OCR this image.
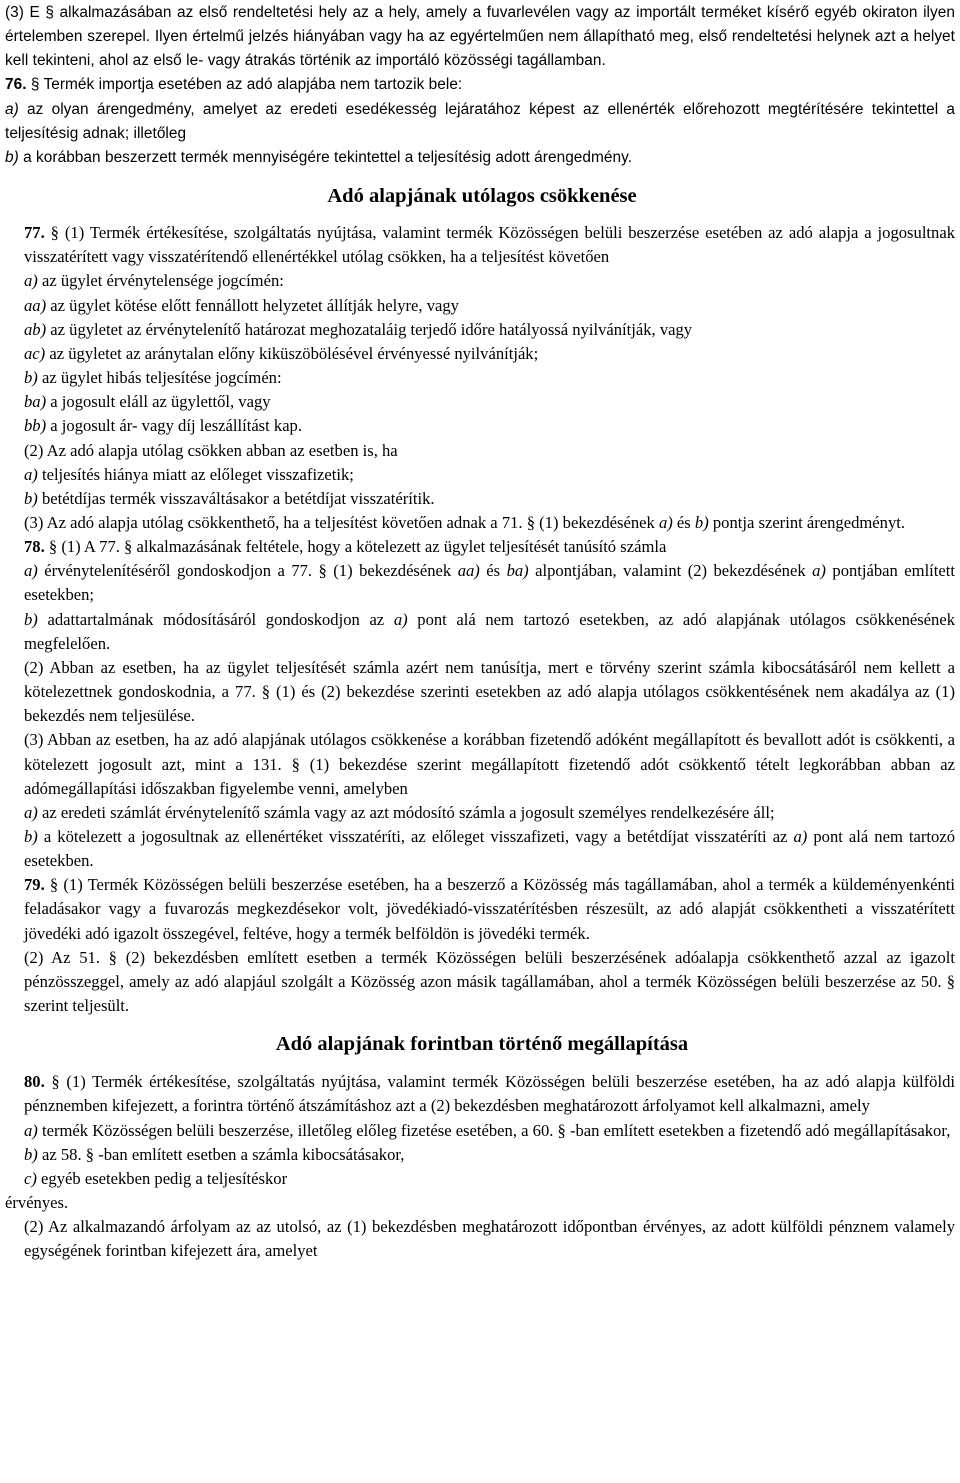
(3) E § alkalmazásában az első rendeltetési hely az a hely, amely a fuvarlevélen vagy az importált terméket kísérő egyéb okiraton ilyen értelemben szerepel. Ilyen értelmű jelzés hiányában vagy ha az egyértelműen nem állapítható meg, első rendeltetési helynek azt a helyet kell tekinteni, ahol az első le- vagy átrakás történik az importáló közösségi tagállamban.

76. § Termék importja esetében az adó alapjába nem tartozik bele:

a) az olyan árengedmény, amelyet az eredeti esedékesség lejáratához képest az ellenérték előrehozott megtérítésére tekintettel a teljesítésig adnak; illetőleg

b) a korábban beszerzett termék mennyiségére tekintettel a teljesítésig adott árengedmény.

Adó alapjának utólagos csökkenése

77. § (1) Termék értékesítése, szolgáltatás nyújtása, valamint termék Közösségen belüli beszerzése esetében az adó alapja a jogosultnak visszatérített vagy visszatérítendő ellenértékkel utólag csökken, ha a teljesítést követően

a) az ügylet érvénytelensége jogcímén:

aa) az ügylet kötése előtt fennállott helyzetet állítják helyre, vagy

ab) az ügyletet az érvénytelenítő határozat meghozataláig terjedő időre hatályossá nyilvánítják, vagy

ac) az ügyletet az aránytalan előny kiküszöbölésével érvényessé nyilvánítják;

b) az ügylet hibás teljesítése jogcímén:

ba) a jogosult eláll az ügylettől, vagy

bb) a jogosult ár- vagy díj leszállítást kap.

(2) Az adó alapja utólag csökken abban az esetben is, ha

a) teljesítés hiánya miatt az előleget visszafizetik;

b) betétdíjas termék visszaváltásakor a betétdíjat visszatérítik.

(3) Az adó alapja utólag csökkenthető, ha a teljesítést követően adnak a 71. § (1) bekezdésének a) és b) pontja szerint árengedményt.

78. § (1) A 77. § alkalmazásának feltétele, hogy a kötelezett az ügylet teljesítését tanúsító számla

a) érvénytelenítéséről gondoskodjon a 77. § (1) bekezdésének aa) és ba) alpontjában, valamint (2) bekezdésének a) pontjában említett esetekben;

b) adattartalmának módosításáról gondoskodjon az a) pont alá nem tartozó esetekben, az adó alapjának utólagos csökkenésének megfelelően.

(2) Abban az esetben, ha az ügylet teljesítését számla azért nem tanúsítja, mert e törvény szerint számla kibocsátásáról nem kellett a kötelezettnek gondoskodnia, a 77. § (1) és (2) bekezdése szerinti esetekben az adó alapja utólagos csökkentésének nem akadálya az (1) bekezdés nem teljesülése.

(3) Abban az esetben, ha az adó alapjának utólagos csökkenése a korábban fizetendő adóként megállapított és bevallott adót is csökkenti, a kötelezett jogosult azt, mint a 131. § (1) bekezdése szerint megállapított fizetendő adót csökkentő tételt legkorábban abban az adómegállapítási időszakban figyelembe venni, amelyben

a) az eredeti számlát érvénytelenítő számla vagy az azt módosító számla a jogosult személyes rendelkezésére áll;

b) a kötelezett a jogosultnak az ellenértéket visszatéríti, az előleget visszafizeti, vagy a betétdíjat visszatéríti az a) pont alá nem tartozó esetekben.

79. § (1) Termék Közösségen belüli beszerzése esetében, ha a beszerző a Közösség más tagállamában, ahol a termék a küldeményenkénti feladásakor vagy a fuvarozás megkezdésekor volt, jövedékiadó-visszatérítésben részesült, az adó alapját csökkentheti a visszatérített jövedéki adó igazolt összegével, feltéve, hogy a termék belföldön is jövedéki termék.

(2) Az 51. § (2) bekezdésben említett esetben a termék Közösségen belüli beszerzésének adóalapja csökkenthető azzal az igazolt pénzösszeggel, amely az adó alapjául szolgált a Közösség azon másik tagállamában, ahol a termék Közösségen belüli beszerzése az 50. § szerint teljesült.

Adó alapjának forintban történő megállapítása

80. § (1) Termék értékesítése, szolgáltatás nyújtása, valamint termék Közösségen belüli beszerzése esetében, ha az adó alapja külföldi pénznemben kifejezett, a forintra történő átszámításhoz azt a (2) bekezdésben meghatározott árfolyamot kell alkalmazni, amely

a) termék Közösségen belüli beszerzése, illetőleg előleg fizetése esetében, a 60. § -ban említett esetekben a fizetendő adó megállapításakor,

b) az 58. § -ban említett esetben a számla kibocsátásakor,

c) egyéb esetekben pedig a teljesítéskor

érvényes.

(2) Az alkalmazandó árfolyam az az utolsó, az (1) bekezdésben meghatározott időpontban érvényes, az adott külföldi pénznem valamely egységének forintban kifejezett ára, amelyet
